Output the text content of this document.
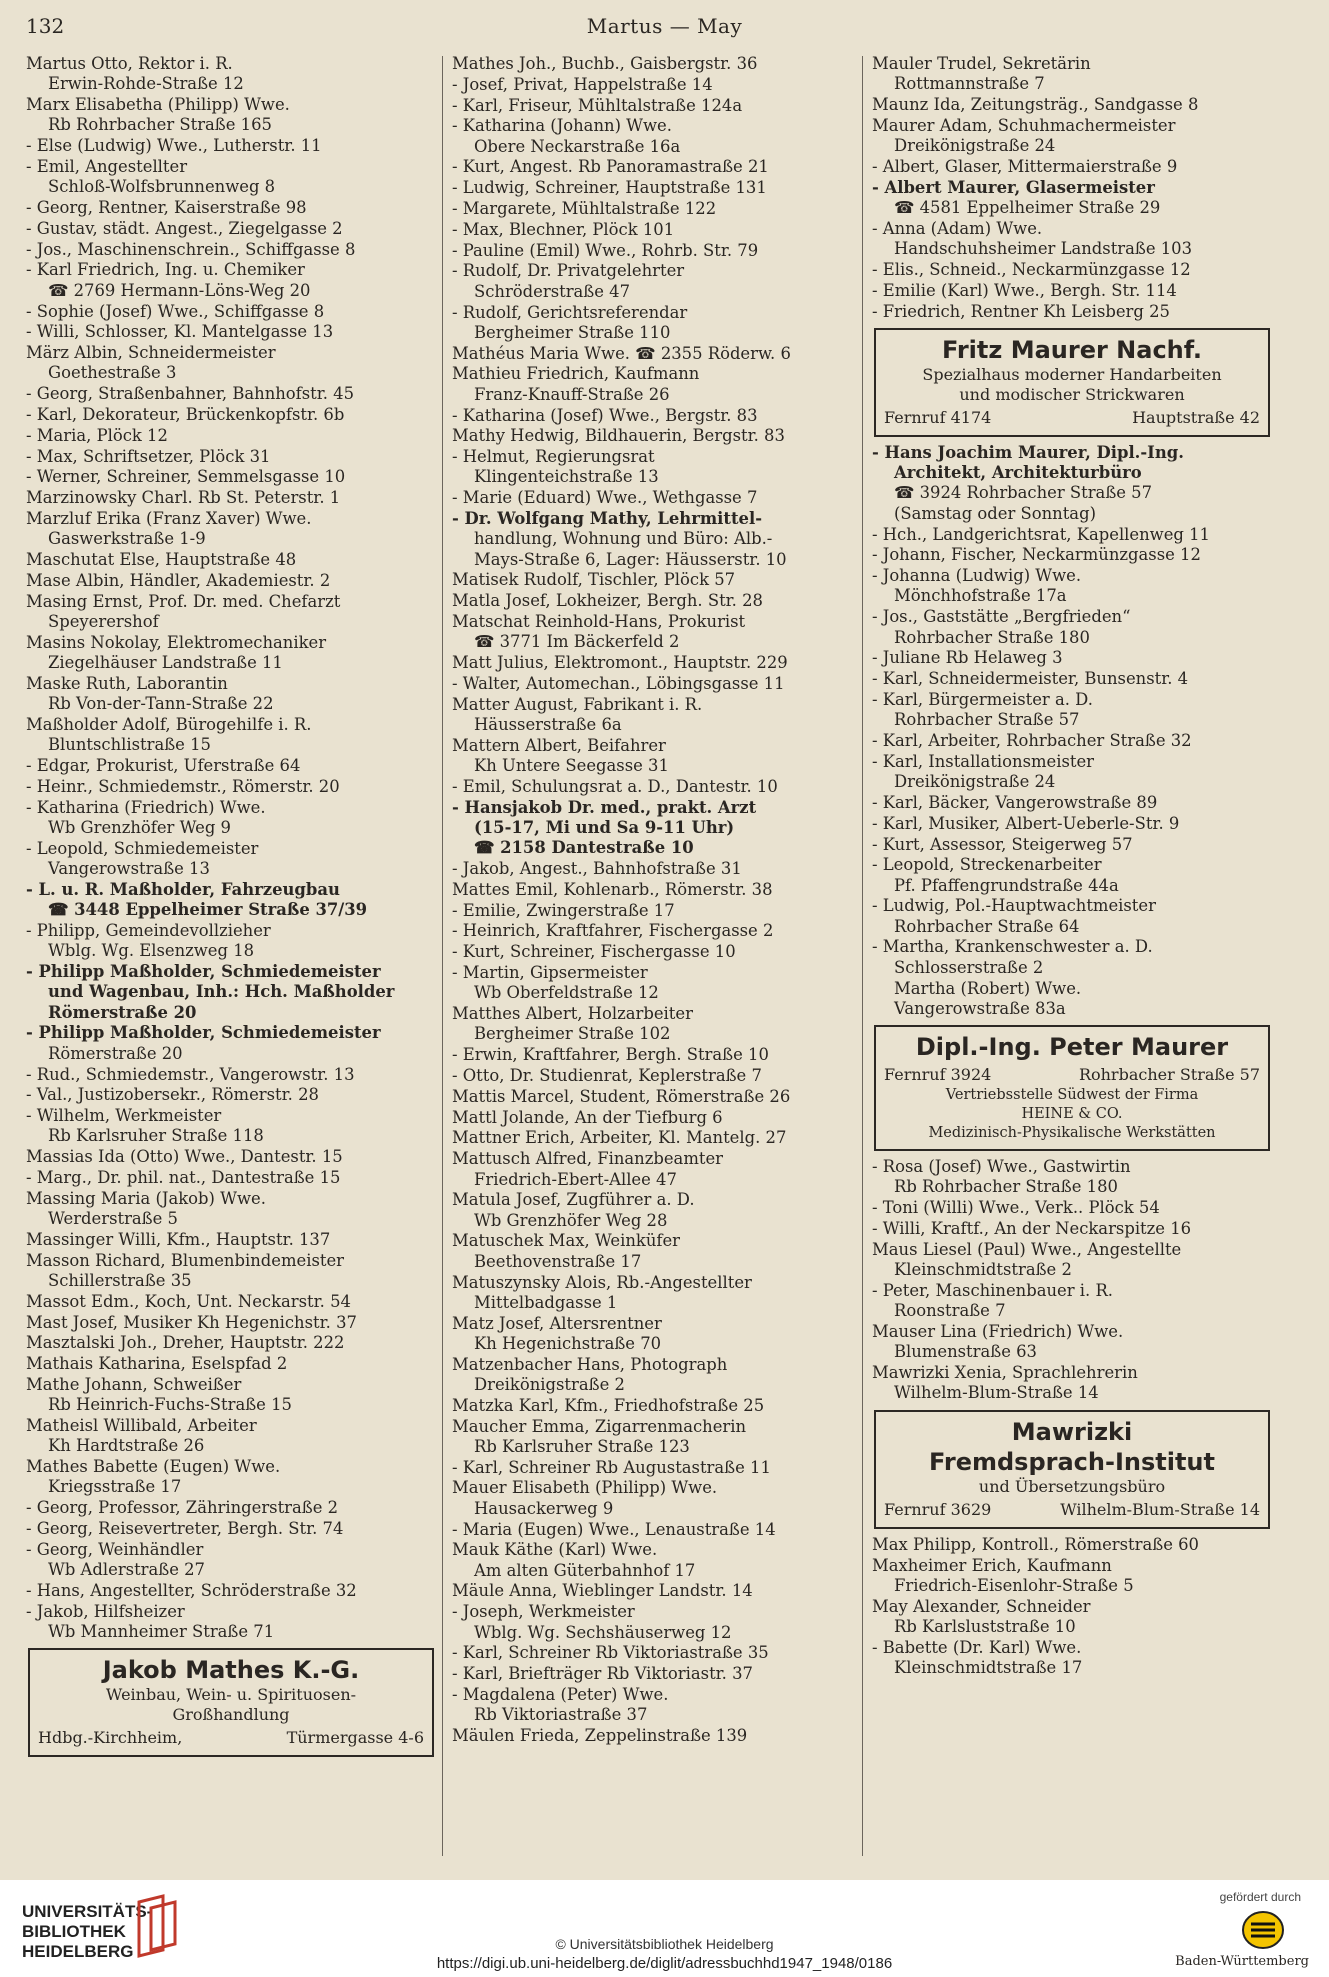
132	Martus — May
Martus Otto, Rektor i. R.
Erwin-Rohde-Straße 12
Marx Elisabetha (Philipp) Wwe.
Rb Rohrbacher Straße 165
- Else (Ludwig) Wwe., Lutherstr. 11
- Emil, Angestellter
Schloß-Wolfsbrunnenweg 8
- Georg, Rentner, Kaiserstraße 98
- Gustav, städt. Angest., Ziegelgasse 2
- Jos., Maschinenschrein., Schiffgasse 8
- Karl Friedrich, Ing. u. Chemiker
☎ 2769 Hermann-Löns-Weg 20
- Sophie (Josef) Wwe., Schiffgasse 8
- Willi, Schlosser, Kl. Mantelgasse 13
März Albin, Schneidermeister
Goethestraße 3
- Georg, Straßenbahner, Bahnhofstr. 45
- Karl, Dekorateur, Brückenkopfstr. 6b
- Maria, Plöck 12
- Max, Schriftsetzer, Plöck 31
- Werner, Schreiner, Semmelsgasse 10
Marzinowsky Charl. Rb St. Peterstr. 1
Marzluf Erika (Franz Xaver) Wwe.
Gaswerkstraße 1-9
Maschutat Else, Hauptstraße 48
Mase Albin, Händler, Akademiestr. 2
Masing Ernst, Prof. Dr. med. Chefarzt
Speyerershof
Masins Nokolay, Elektromechaniker
Ziegelhäuser Landstraße 11
Maske Ruth, Laborantin
Rb Von-der-Tann-Straße 22
Maßholder Adolf, Bürogehilfe i. R.
Bluntschlistraße 15
- Edgar, Prokurist, Uferstraße 64
- Heinr., Schmiedemstr., Römerstr. 20
- Katharina (Friedrich) Wwe.
Wb Grenzhöfer Weg 9
- Leopold, Schmiedemeister
Vangerowstraße 13
- L. u. R. Maßholder, Fahrzeugbau
☎ 3448 Eppelheimer Straße 37/39
- Philipp, Gemeindevollzieher
Wblg. Wg. Elsenzweg 18
- Philipp Maßholder, Schmiedemeister
und Wagenbau, Inh.: Hch. Maßholder
Römerstraße 20
- Philipp Maßholder, Schmiedemeister
Römerstraße 20
- Rud., Schmiedemstr., Vangerowstr. 13
- Val., Justizobersekr., Römerstr. 28
- Wilhelm, Werkmeister
Rb Karlsruher Straße 118
Massias Ida (Otto) Wwe., Dantestr. 15
- Marg., Dr. phil. nat., Dantestraße 15
Massing Maria (Jakob) Wwe.
Werderstraße 5
Massinger Willi, Kfm., Hauptstr. 137
Masson Richard, Blumenbindemeister
Schillerstraße 35
Massot Edm., Koch, Unt. Neckarstr. 54
Mast Josef, Musiker Kh Hegenichstr. 37
Masztalski Joh., Dreher, Hauptstr. 222
Mathais Katharina, Eselspfad 2
Mathe Johann, Schweißer
Rb Heinrich-Fuchs-Straße 15
Matheisl Willibald, Arbeiter
Kh Hardtstraße 26
Mathes Babette (Eugen) Wwe.
Kriegsstraße 17
- Georg, Professor, Zähringerstraße 2
- Georg, Reisevertreter, Bergh. Str. 74
- Georg, Weinhändler
Wb Adlerstraße 27
- Hans, Angestellter, Schröderstraße 32
- Jakob, Hilfsheizer
Wb Mannheimer Straße 71
Jakob Mathes K.-G.
Weinbau, Wein- u. Spirituosen-
Großhandlung
Hdbg.-Kirchheim,	Türmergasse 4-6
Mathes Joh., Buchb., Gaisbergstr. 36
- Josef, Privat, Happelstraße 14
- Karl, Friseur, Mühltalstraße 124a
- Katharina (Johann) Wwe.
Obere Neckarstraße 16a
- Kurt, Angest. Rb Panoramastraße 21
- Ludwig, Schreiner, Hauptstraße 131
- Margarete, Mühltalstraße 122
- Max, Blechner, Plöck 101
- Pauline (Emil) Wwe., Rohrb. Str. 79
- Rudolf, Dr. Privatgelehrter
Schröderstraße 47
- Rudolf, Gerichtsreferendar
Bergheimer Straße 110
Mathéus Maria Wwe. ☎ 2355 Röderw. 6
Mathieu Friedrich, Kaufmann
Franz-Knauff-Straße 26
- Katharina (Josef) Wwe., Bergstr. 83
Mathy Hedwig, Bildhauerin, Bergstr. 83
- Helmut, Regierungsrat
Klingenteichstraße 13
- Marie (Eduard) Wwe., Wethgasse 7
- Dr. Wolfgang Mathy, Lehrmittel-
handlung, Wohnung und Büro: Alb.-
Mays-Straße 6, Lager: Häusserstr. 10
Matisek Rudolf, Tischler, Plöck 57
Matla Josef, Lokheizer, Bergh. Str. 28
Matschat Reinhold-Hans, Prokurist
☎ 3771 Im Bäckerfeld 2
Matt Julius, Elektromont., Hauptstr. 229
- Walter, Automechan., Löbingsgasse 11
Matter August, Fabrikant i. R.
Häusserstraße 6a
Mattern Albert, Beifahrer
Kh Untere Seegasse 31
- Emil, Schulungsrat a. D., Dantestr. 10
- Hansjakob Dr. med., prakt. Arzt
(15-17, Mi und Sa 9-11 Uhr)
☎ 2158 Dantestraße 10
- Jakob, Angest., Bahnhofstraße 31
Mattes Emil, Kohlenarb., Römerstr. 38
- Emilie, Zwingerstraße 17
- Heinrich, Kraftfahrer, Fischergasse 2
- Kurt, Schreiner, Fischergasse 10
- Martin, Gipsermeister
Wb Oberfeldstraße 12
Matthes Albert, Holzarbeiter
Bergheimer Straße 102
- Erwin, Kraftfahrer, Bergh. Straße 10
- Otto, Dr. Studienrat, Keplerstraße 7
Mattis Marcel, Student, Römerstraße 26
Mattl Jolande, An der Tiefburg 6
Mattner Erich, Arbeiter, Kl. Mantelg. 27
Mattusch Alfred, Finanzbeamter
Friedrich-Ebert-Allee 47
Matula Josef, Zugführer a. D.
Wb Grenzhöfer Weg 28
Matuschek Max, Weinküfer
Beethovenstraße 17
Matuszynsky Alois, Rb.-Angestellter
Mittelbadgasse 1
Matz Josef, Altersrentner
Kh Hegenichstraße 70
Matzenbacher Hans, Photograph
Dreikönigstraße 2
Matzka Karl, Kfm., Friedhofstraße 25
Maucher Emma, Zigarrenmacherin
Rb Karlsruher Straße 123
- Karl, Schreiner Rb Augustastraße 11
Mauer Elisabeth (Philipp) Wwe.
Hausackerweg 9
- Maria (Eugen) Wwe., Lenaustraße 14
Mauk Käthe (Karl) Wwe.
Am alten Güterbahnhof 17
Mäule Anna, Wieblinger Landstr. 14
- Joseph, Werkmeister
Wblg. Wg. Sechshäuserweg 12
- Karl, Schreiner Rb Viktoriastraße 35
- Karl, Briefträger Rb Viktoriastr. 37
- Magdalena (Peter) Wwe.
Rb Viktoriastraße 37
Mäulen Frieda, Zeppelinstraße 139
Mauler Trudel, Sekretärin
Rottmannstraße 7
Maunz Ida, Zeitungsträg., Sandgasse 8
Maurer Adam, Schuhmachermeister
Dreikönigstraße 24
- Albert, Glaser, Mittermaierstraße 9
- Albert Maurer, Glasermeister
☎ 4581 Eppelheimer Straße 29
- Anna (Adam) Wwe.
Handschuhsheimer Landstraße 103
- Elis., Schneid., Neckarmünzgasse 12
- Emilie (Karl) Wwe., Bergh. Str. 114
- Friedrich, Rentner Kh Leisberg 25
Fritz Maurer Nachf.
Spezialhaus moderner Handarbeiten
und modischer Strickwaren
Fernruf 4174	Hauptstraße 42
- Hans Joachim Maurer, Dipl.-Ing.
Architekt, Architekturbüro
☎ 3924 Rohrbacher Straße 57
(Samstag oder Sonntag)
- Hch., Landgerichtsrat, Kapellenweg 11
- Johann, Fischer, Neckarmünzgasse 12
- Johanna (Ludwig) Wwe.
Mönchhofstraße 17a
- Jos., Gaststätte „Bergfrieden“
Rohrbacher Straße 180
- Juliane Rb Helaweg 3
- Karl, Schneidermeister, Bunsenstr. 4
- Karl, Bürgermeister a. D.
Rohrbacher Straße 57
- Karl, Arbeiter, Rohrbacher Straße 32
- Karl, Installationsmeister
Dreikönigstraße 24
- Karl, Bäcker, Vangerowstraße 89
- Karl, Musiker, Albert-Ueberle-Str. 9
- Kurt, Assessor, Steigerweg 57
- Leopold, Streckenarbeiter
Pf. Pfaffengrundstraße 44a
- Ludwig, Pol.-Hauptwachtmeister
Rohrbacher Straße 64
- Martha, Krankenschwester a. D.
Schlosserstraße 2
Martha (Robert) Wwe.
Vangerowstraße 83a
Dipl.-Ing. Peter Maurer
Fernruf 3924	Rohrbacher Straße 57
Vertriebsstelle Südwest der Firma
HEINE & CO.
Medizinisch-Physikalische Werkstätten
- Rosa (Josef) Wwe., Gastwirtin
Rb Rohrbacher Straße 180
- Toni (Willi) Wwe., Verk.. Plöck 54
- Willi, Kraftf., An der Neckarspitze 16
Maus Liesel (Paul) Wwe., Angestellte
Kleinschmidtstraße 2
- Peter, Maschinenbauer i. R.
Roonstraße 7
Mauser Lina (Friedrich) Wwe.
Blumenstraße 63
Mawrizki Xenia, Sprachlehrerin
Wilhelm-Blum-Straße 14
Mawrizki
Fremdsprach-Institut
und Übersetzungsbüro
Fernruf 3629	Wilhelm-Blum-Straße 14
Max Philipp, Kontroll., Römerstraße 60
Maxheimer Erich, Kaufmann
Friedrich-Eisenlohr-Straße 5
May Alexander, Schneider
Rb Karlsluststraße 10
- Babette (Dr. Karl) Wwe.
Kleinschmidtstraße 17
UNIVERSITÄTS-
BIBLIOTHEK
HEIDELBERG	© Universitätsbibliothek Heidelberg
https://digi.ub.uni-heidelberg.de/diglit/adressbuchhd1947_1948/0186
gefördert durch
Baden-Württemberg
